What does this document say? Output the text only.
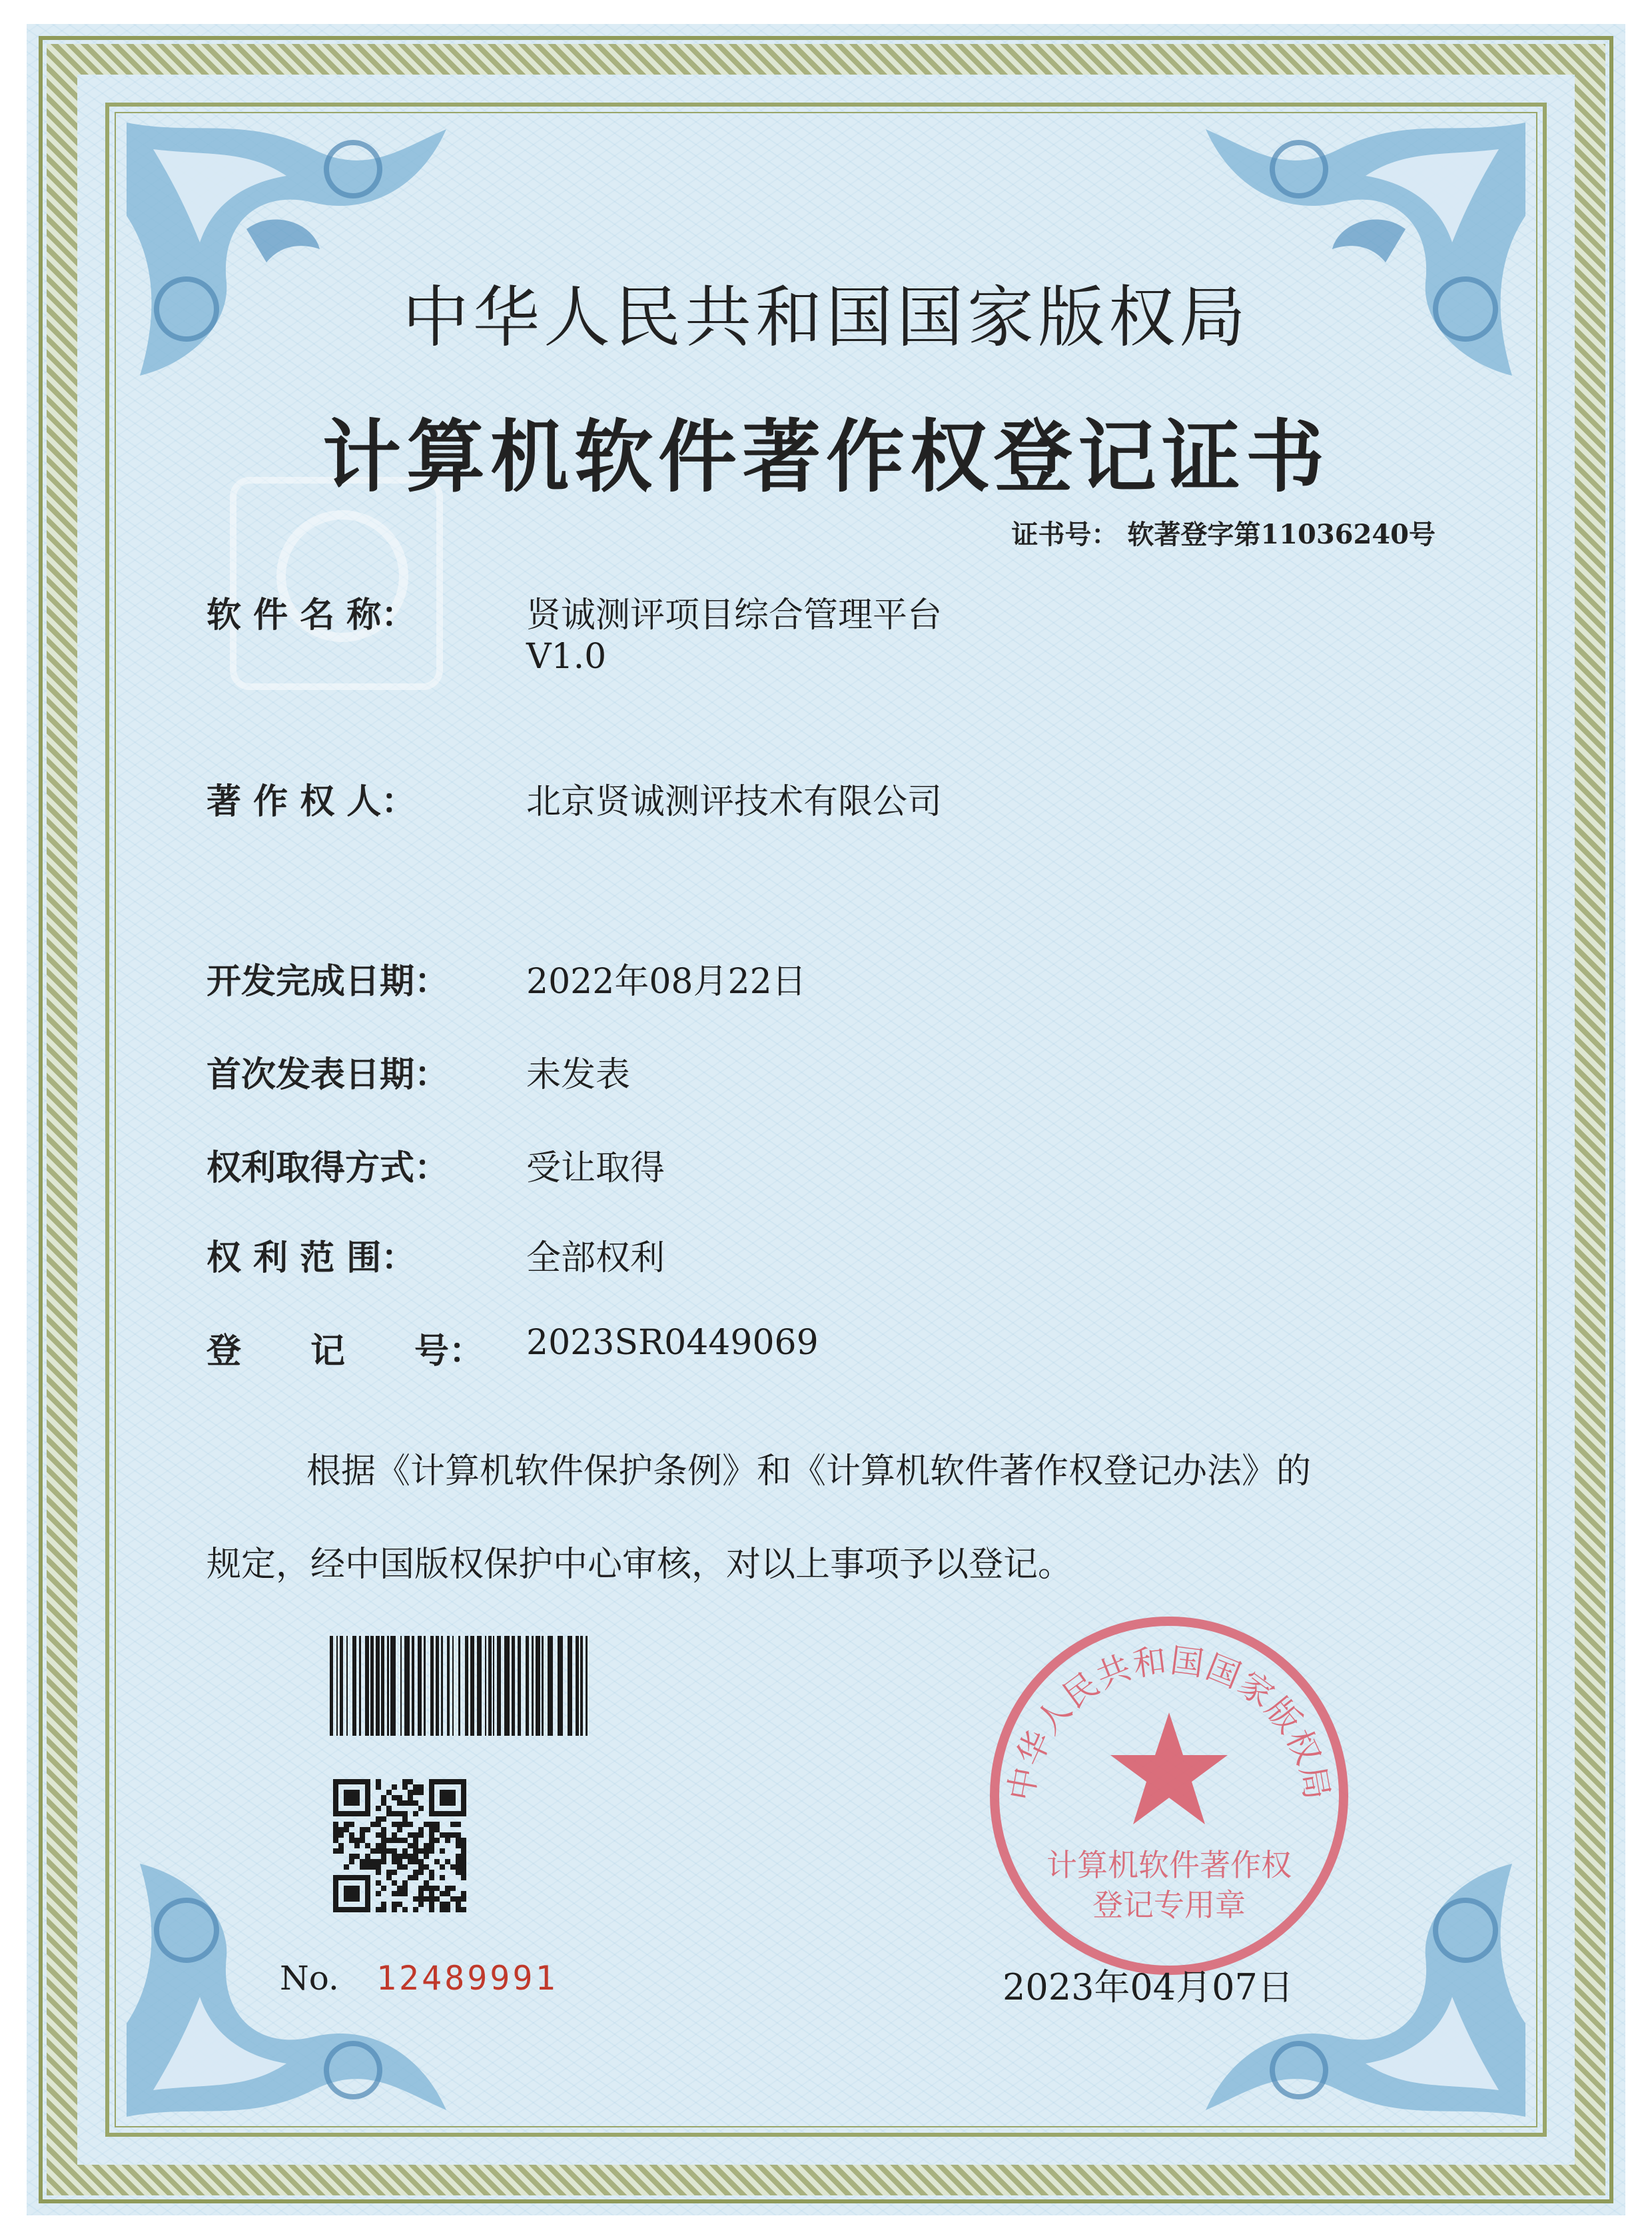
中华人民共和国国家版权局
计算机软件著作权登记证书
证书号： 软著登字第11036240号
软 件 名 称：	贤诚测评项目综合管理平台
V1.0
著 作 权 人：	北京贤诚测评技术有限公司
开发完成日期：	2022年08月22日
首次发表日期：	未发表
权利取得方式：	受让取得
权 利 范 围：	全部权利
登　　记　　号：	2023SR0449069
根据《计算机软件保护条例》和《计算机软件著作权登记办法》的
规定，经中国版权保护中心审核，对以上事项予以登记。
No. 12489991
中华人民共和国国家版权局
计算机软件著作权
登记专用章
2023年04月07日
